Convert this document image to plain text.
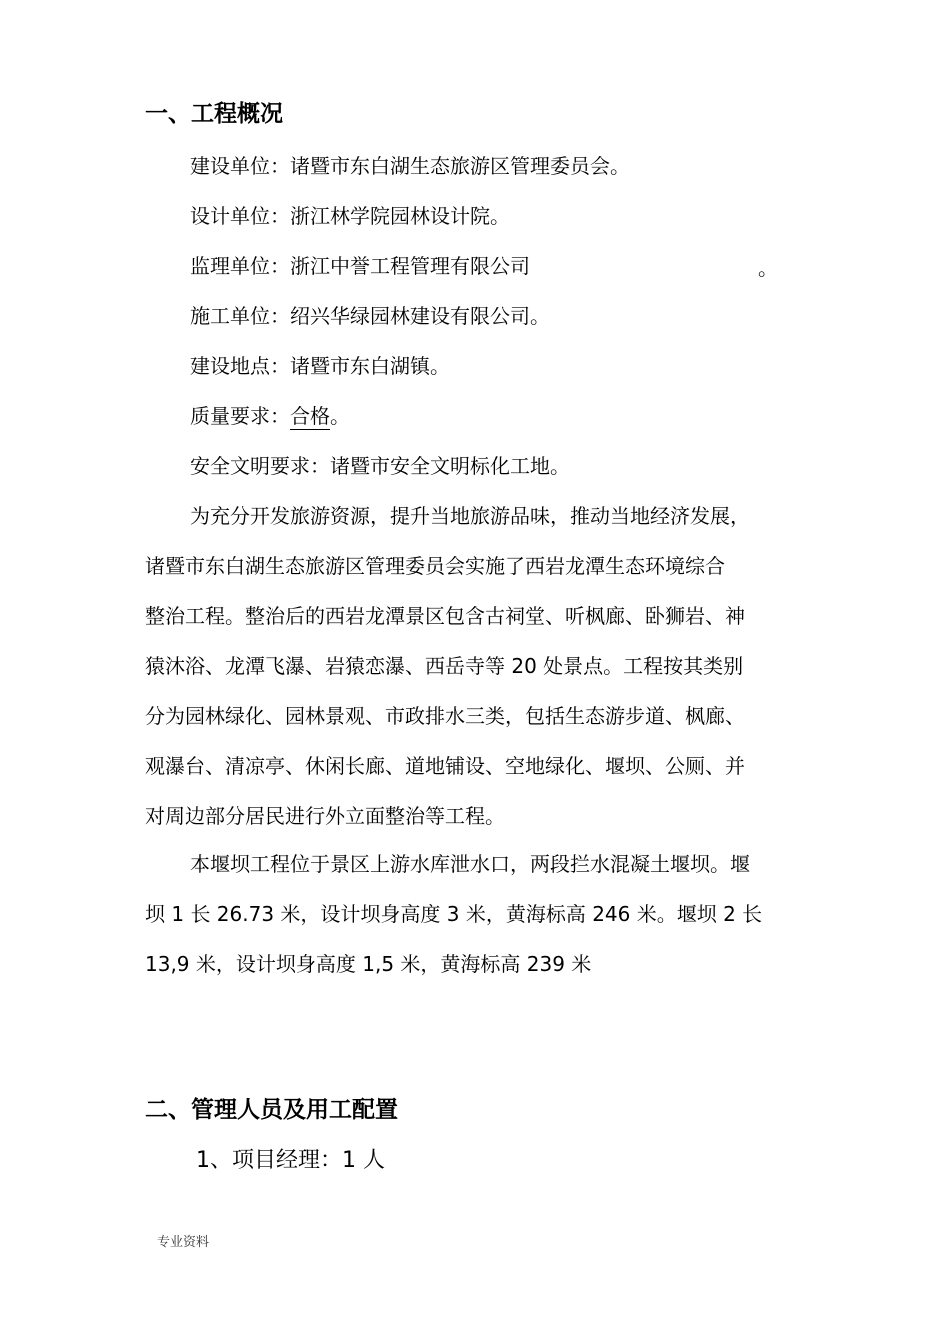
一、工程概况
建设单位：诸暨市东白湖生态旅游区管理委员会。
设计单位：浙江林学院园林设计院。
监理单位：浙江中誉工程管理有限公司	。
施工单位：绍兴华绿园林建设有限公司。
建设地点：诸暨市东白湖镇。
质量要求：合格。
安全文明要求：诸暨市安全文明标化工地。
为充分开发旅游资源，提升当地旅游品味，推动当地经济发展，
诸暨市东白湖生态旅游区管理委员会实施了西岩龙潭生态环境综合
整治工程。整治后的西岩龙潭景区包含古祠堂、听枫廊、卧狮岩、神
猿沐浴、龙潭飞瀑、岩猿恋瀑、西岳寺等 20 处景点。工程按其类别
分为园林绿化、园林景观、市政排水三类，包括生态游步道、枫廊、
观瀑台、清凉亭、休闲长廊、道地铺设、空地绿化、堰坝、公厕、并
对周边部分居民进行外立面整治等工程。
本堰坝工程位于景区上游水库泄水口，两段拦水混凝土堰坝。堰
坝 1 长 26.73 米，设计坝身高度 3 米，黄海标高 246 米。堰坝 2 长
13,9 米，设计坝身高度 1,5 米，黄海标高 239 米
二、管理人员及用工配置
1、项目经理：1 人
专业资料
